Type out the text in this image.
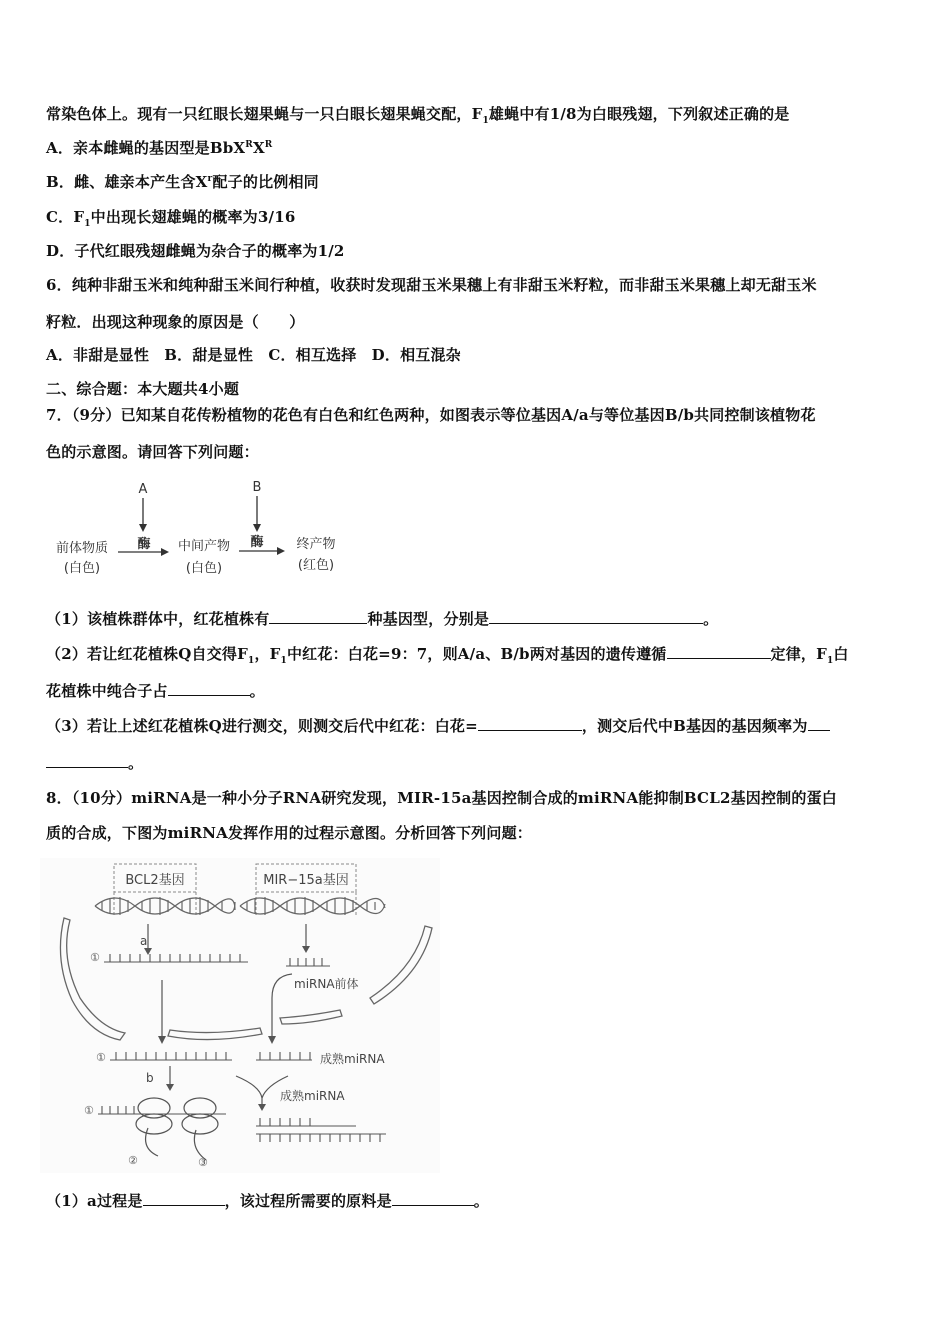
常染色体上。现有一只红眼长翅果蝇与一只白眼长翅果蝇交配，$F_1$雄蝇中有1/8为白眼残翅，下列叙述正确的是
A．亲本雌蝇的基因型是$BbX^RX^R$
B．雌、雄亲本产生含$X^r$配子的比例相同
C．$F_1$中出现长翅雄蝇的概率为3/16
D．子代红眼残翅雌蝇为杂合子的概率为1/2
6．纯种非甜玉米和纯种甜玉米间行种植，收获时发现甜玉米果穗上有非甜玉米籽粒，而非甜玉米果穗上却无甜玉米
籽粒．出现这种现象的原因是（　　）
A．非甜是显性　B．甜是显性　C．相互选择　D．相互混杂
二、综合题：本大题共4小题
7．（9分）已知某自花传粉植物的花色有白色和红色两种，如图表示等位基因A/a与等位基因B/b共同控制该植物花
色的示意图。请回答下列问题：
A	B
酶	酶
前体物质
(白色)
中间产物
(白色)
终产物
(红色)
（1）该植株群体中，红花植株有	种基因型，分别是	。
（2）若让红花植株Q自交得$F_1$，$F_1$中红花：白花=9：7，则A/a、B/b两对基因的遗传遵循	定律，$F_1$白
花植株中纯合子占	。
（3）若让上述红花植株Q进行测交，则测交后代中红花：白花=	，测交后代中B基因的基因频率为
。
8．（10分）miRNA是一种小分子RNA研究发现，MIR-15a基因控制合成的miRNA能抑制BCL2基因控制的蛋白
质的合成，下图为miRNA发挥作用的过程示意图。分析回答下列问题：
BCL2基因	MIR−15a基因
a
①
miRNA前体
①	成熟miRNA
b
成熟miRNA
①
②	③
（1）a过程是	，该过程所需要的原料是	。
